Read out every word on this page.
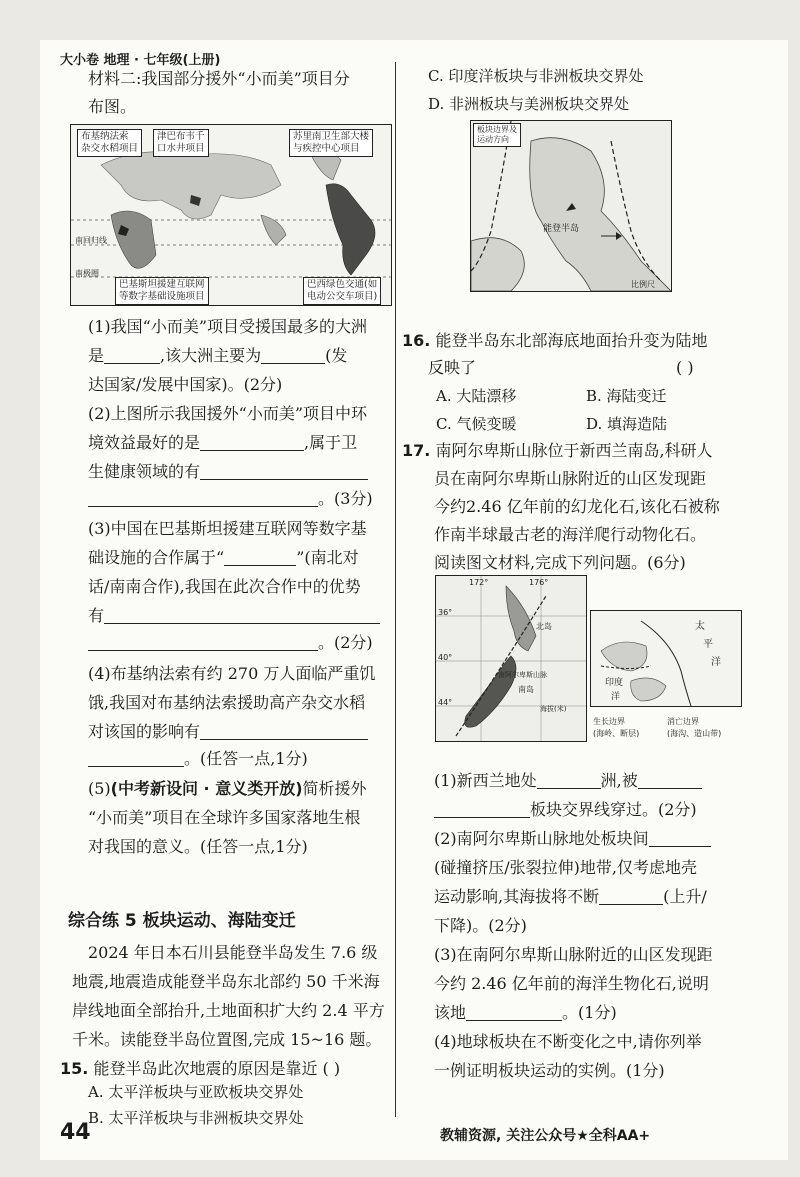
大小卷 地理 · 七年级(上册)
材料二:我国部分援外“小而美”项目分
布图。
布基纳法索
杂交水稻项目
津巴布韦千
口水井项目
苏里南卫生部大楼
与疾控中心项目
巴基斯坦援建互联网
等数字基础设施项目
巴西绿色交通(如
电动公交车项目)
南回归线
南极圈
(1)我国“小而美”项目受援国最多的大洲
是	,该大洲主要为	(发
达国家/发展中国家)。(2分)
(2)上图所示我国援外“小而美”项目中环
境效益最好的是	,属于卫
生健康领域的有
。(3分)
(3)中国在巴基斯坦援建互联网等数字基
础设施的合作属于“	”(南北对
话/南南合作),我国在此次合作中的优势
有
。(2分)
(4)布基纳法索有约 270 万人面临严重饥
饿,我国对布基纳法索援助高产杂交水稻
对该国的影响有
。(任答一点,1分)
(5)(中考新设问 · 意义类开放)简析援外
“小而美”项目在全球许多国家落地生根
对我国的意义。(任答一点,1分)
综合练 5 板块运动、海陆变迁
2024 年日本石川县能登半岛发生 7.6 级
地震,地震造成能登半岛东北部约 50 千米海
岸线地面全部抬升,土地面积扩大约 2.4 平方
千米。读能登半岛位置图,完成 15~16 题。
15. 能登半岛此次地震的原因是靠近 ( )
A. 太平洋板块与亚欧板块交界处
B. 太平洋板块与非洲板块交界处
C. 印度洋板块与非洲板块交界处
D. 非洲板块与美洲板块交界处
板块边界及
运动方向
能登半岛
比例尺
16. 能登半岛东北部海底地面抬升变为陆地
反映了	( )
A. 大陆漂移	B. 海陆变迁
C. 气候变暖	D. 填海造陆
17. 南阿尔卑斯山脉位于新西兰南岛,科研人
员在南阿尔卑斯山脉附近的山区发现距
今约2.46 亿年前的幻龙化石,该化石被称
作南半球最古老的海洋爬行动物化石。
阅读图文材料,完成下列问题。(6分)
172°	176°
36°
40°
44°
北岛
南岛
南阿尔卑斯山脉
海拔(米)
太
平
洋
印度
洋
生长边界
(海岭、断层)
消亡边界
(海沟、造山带)
(1)新西兰地处	洲,被
板块交界线穿过。(2分)
(2)南阿尔卑斯山脉地处板块间
(碰撞挤压/张裂拉伸)地带,仅考虑地壳
运动影响,其海拔将不断	(上升/
下降)。(2分)
(3)在南阿尔卑斯山脉附近的山区发现距
今约 2.46 亿年前的海洋生物化石,说明
该地	。(1分)
(4)地球板块在不断变化之中,请你列举
一例证明板块运动的实例。(1分)
44	教辅资源, 关注公众号★全科AA+
